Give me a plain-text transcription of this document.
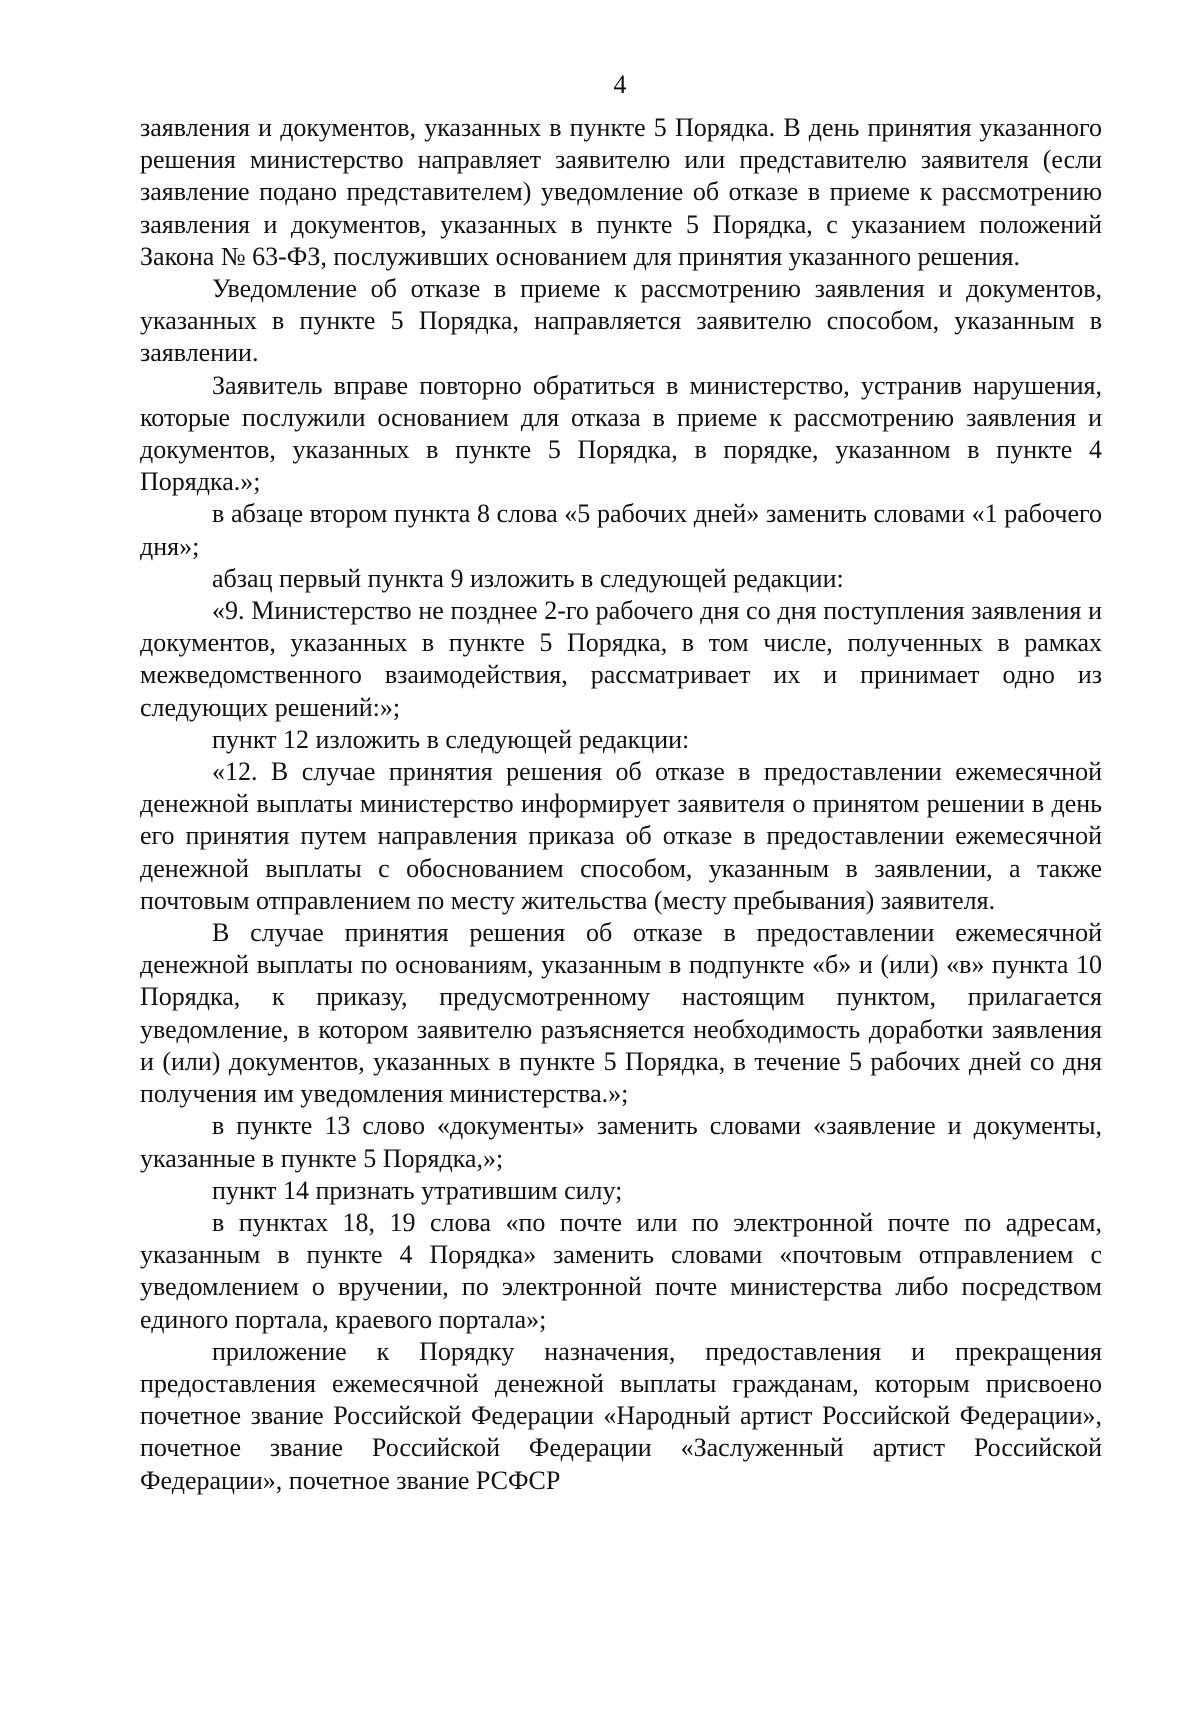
4

заявления и документов, указанных в пункте 5 Порядка. В день принятия указанного решения министерство направляет заявителю или представителю заявителя (если заявление подано представителем) уведомление об отказе в приеме к рассмотрению заявления и документов, указанных в пункте 5 Порядка, с указанием положений Закона № 63-ФЗ, послуживших основанием для принятия указанного решения.

Уведомление об отказе в приеме к рассмотрению заявления и документов, указанных в пункте 5 Порядка, направляется заявителю способом, указанным в заявлении.

Заявитель вправе повторно обратиться в министерство, устранив нарушения, которые послужили основанием для отказа в приеме к рассмотрению заявления и документов, указанных в пункте 5 Порядка, в порядке, указанном в пункте 4 Порядка.»;

в абзаце втором пункта 8 слова «5 рабочих дней» заменить словами «1 рабочего дня»;

абзац первый пункта 9 изложить в следующей редакции:

«9. Министерство не позднее 2-го рабочего дня со дня поступления заявления и документов, указанных в пункте 5 Порядка, в том числе, полученных в рамках межведомственного взаимодействия, рассматривает их и принимает одно из следующих решений:»;

пункт 12 изложить в следующей редакции:

«12. В случае принятия решения об отказе в предоставлении ежемесячной денежной выплаты министерство информирует заявителя о принятом решении в день его принятия путем направления приказа об отказе в предоставлении ежемесячной денежной выплаты с обоснованием способом, указанным в заявлении, а также почтовым отправлением по месту жительства (месту пребывания) заявителя.

В случае принятия решения об отказе в предоставлении ежемесячной денежной выплаты по основаниям, указанным в подпункте «б» и (или) «в» пункта 10 Порядка, к приказу, предусмотренному настоящим пунктом, прилагается уведомление, в котором заявителю разъясняется необходимость доработки заявления и (или) документов, указанных в пункте 5 Порядка, в течение 5 рабочих дней со дня получения им уведомления министерства.»;

в пункте 13 слово «документы» заменить словами «заявление и документы, указанные в пункте 5 Порядка,»;

пункт 14 признать утратившим силу;

в пунктах 18, 19 слова «по почте или по электронной почте по адресам, указанным в пункте 4 Порядка» заменить словами «почтовым отправлением с уведомлением о вручении, по электронной почте министерства либо посредством единого портала, краевого портала»;

приложение к Порядку назначения, предоставления и прекращения предоставления ежемесячной денежной выплаты гражданам, которым присвоено почетное звание Российской Федерации «Народный артист Российской Федерации», почетное звание Российской Федерации «Заслуженный артист Российской Федерации», почетное звание РСФСР
